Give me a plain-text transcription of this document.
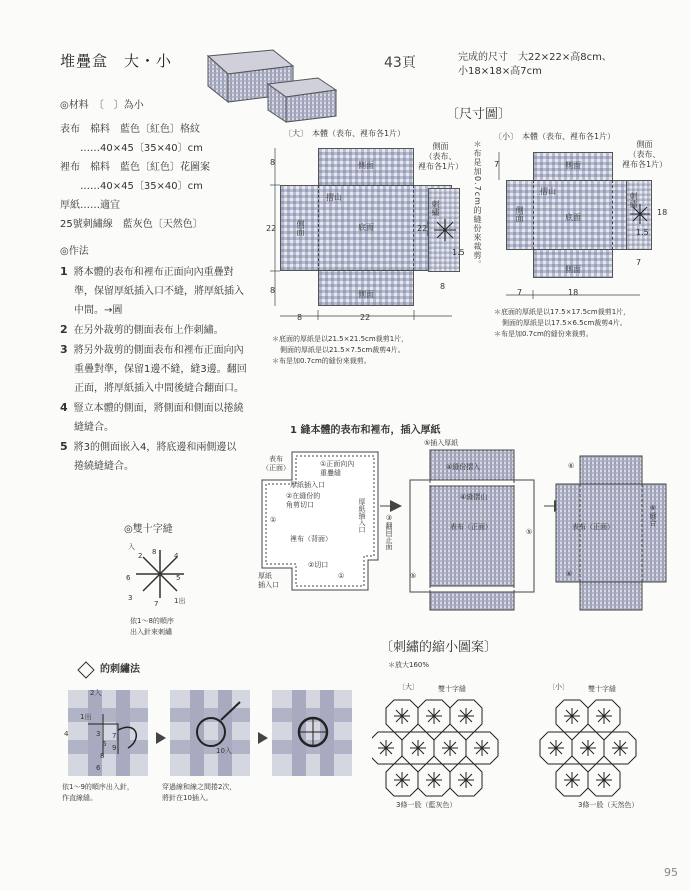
堆疊盒　大・小	43頁	完成的尺寸　 大22×22×高8cm、
小18×18×高7cm
◎材料　〔　〕為小
表布　棉料　藍色〔紅色〕格紋
……40×45〔35×40〕cm
裡布　棉料　藍色〔紅色〕花圖案
……40×45〔35×40〕cm
厚紙……適宜
25號刺繡線　藍灰色〔天然色〕
◎作法
1 將本體的表布和裡布正面向內重疊對
準，保留厚紙插入口不縫，將厚紙插入
中間。→圖
2 在另外裁剪的側面表布上作刺繡。
3 將另外裁剪的側面表布和裡布正面向內
重疊對準，保留1邊不縫，縫3邊。翻回
正面，將厚紙插入中間後縫合翻面口。
4 豎立本體的側面，將側面和側面以捲繞
縫縫合。
5 將3的側面嵌入4，將底邊和兩側邊以
捲繞縫縫合。
〔尺寸圖〕
〔大〕　本體（表布、裡布各1片）
側面
底面
側面
側面
摺山
8
22
8
8	22
側面
（表布、
裡布各1片）
刺繡
22
8
1.5 ＊布是加0.7cm的縫份來裁剪。
＊底面的厚紙是以21.5×21.5cm裁剪1片，
側面的厚紙是以21.5×7.5cm裁剪4片。
＊布是加0.7cm的縫份來裁剪。
〔小〕　本體（表布、裡布各1片）
側面
底面
側面
側面
摺山
7
7	18
側面
（表布、
裡布各1片）
刺繡
18
1.5
7
＊底面的厚紙是以17.5×17.5cm裁剪1片，
側面的厚紙是以17.5×6.5cm裁剪4片。
＊布是加0.7cm的縫份來裁剪。
1 縫本體的表布和裡布，插入厚紙
表布
（正面）	①正面向內
重疊縫
厚紙插入口
②在縫份的
角剪切口
①
裡布（背面）
②切口
厚紙
插入口
①
厚紙插入口	③翻回正面
⑤插入厚紙
④縫份摺入
④縫摺山
表布（正面）
⑤
⑤
表布（正面）
⑥
⑥
⑥縫合
◎雙十字縫
入
2 8	4
6	5
3
7 1出
依1〜8的順序
出入針來刺繡
的刺繡法
2入
1出
4	3 7
5 9
8
6
10入
依1〜9的順序出入針，
作直線縫。
穿過線和線之間捲2次，
將針在10插入。
〔刺繡的縮小圖案〕
＊放大160%
〔大〕	雙十字縫	〔小〕	雙十字縫
3條一股（藍灰色）	3條一股（天然色）
95
